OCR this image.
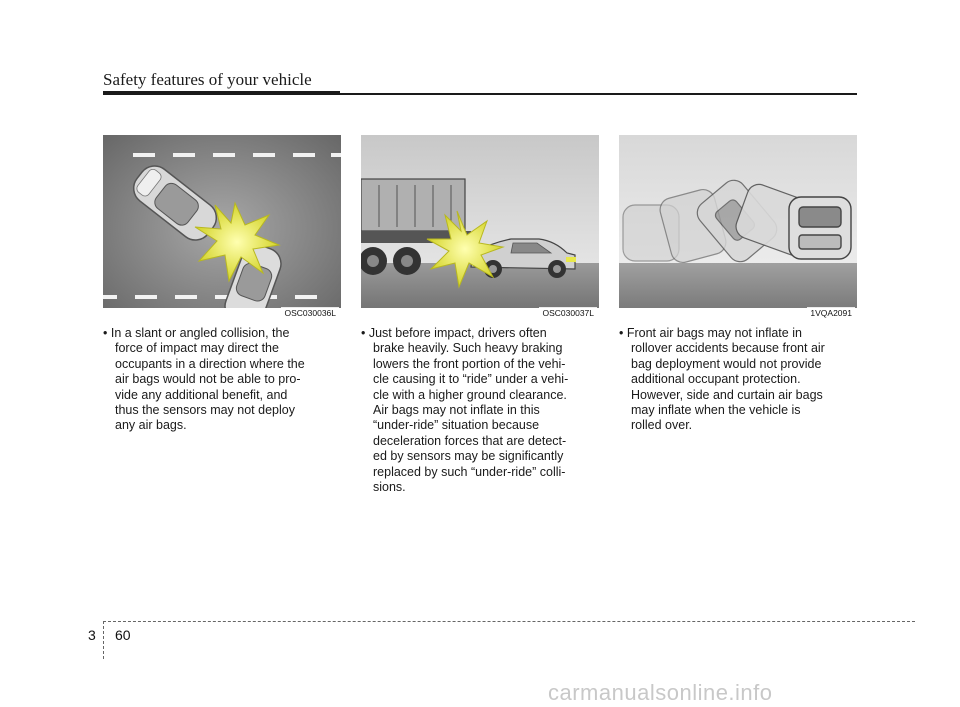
Safety features of your vehicle
OSC030036L	OSC030037L	1VQA2091
• In a slant or angled collision, the
force of impact may direct the
occupants in a direction where the
air bags would not be able to pro-
vide any additional benefit, and
thus the sensors may not deploy
any air bags.
• Just before impact, drivers often
brake heavily. Such heavy braking
lowers the front portion of the vehi-
cle causing it to “ride” under a vehi-
cle with a higher ground clearance.
Air bags may not inflate in this
“under-ride” situation because
deceleration forces that are detect-
ed by sensors may be significantly
replaced by such “under-ride” colli-
sions.
• Front air bags may not inflate in
rollover accidents because front air
bag deployment would not provide
additional occupant protection.
However, side and curtain air bags
may inflate when the vehicle is
rolled over.
3 60
carmanualsonline.info
